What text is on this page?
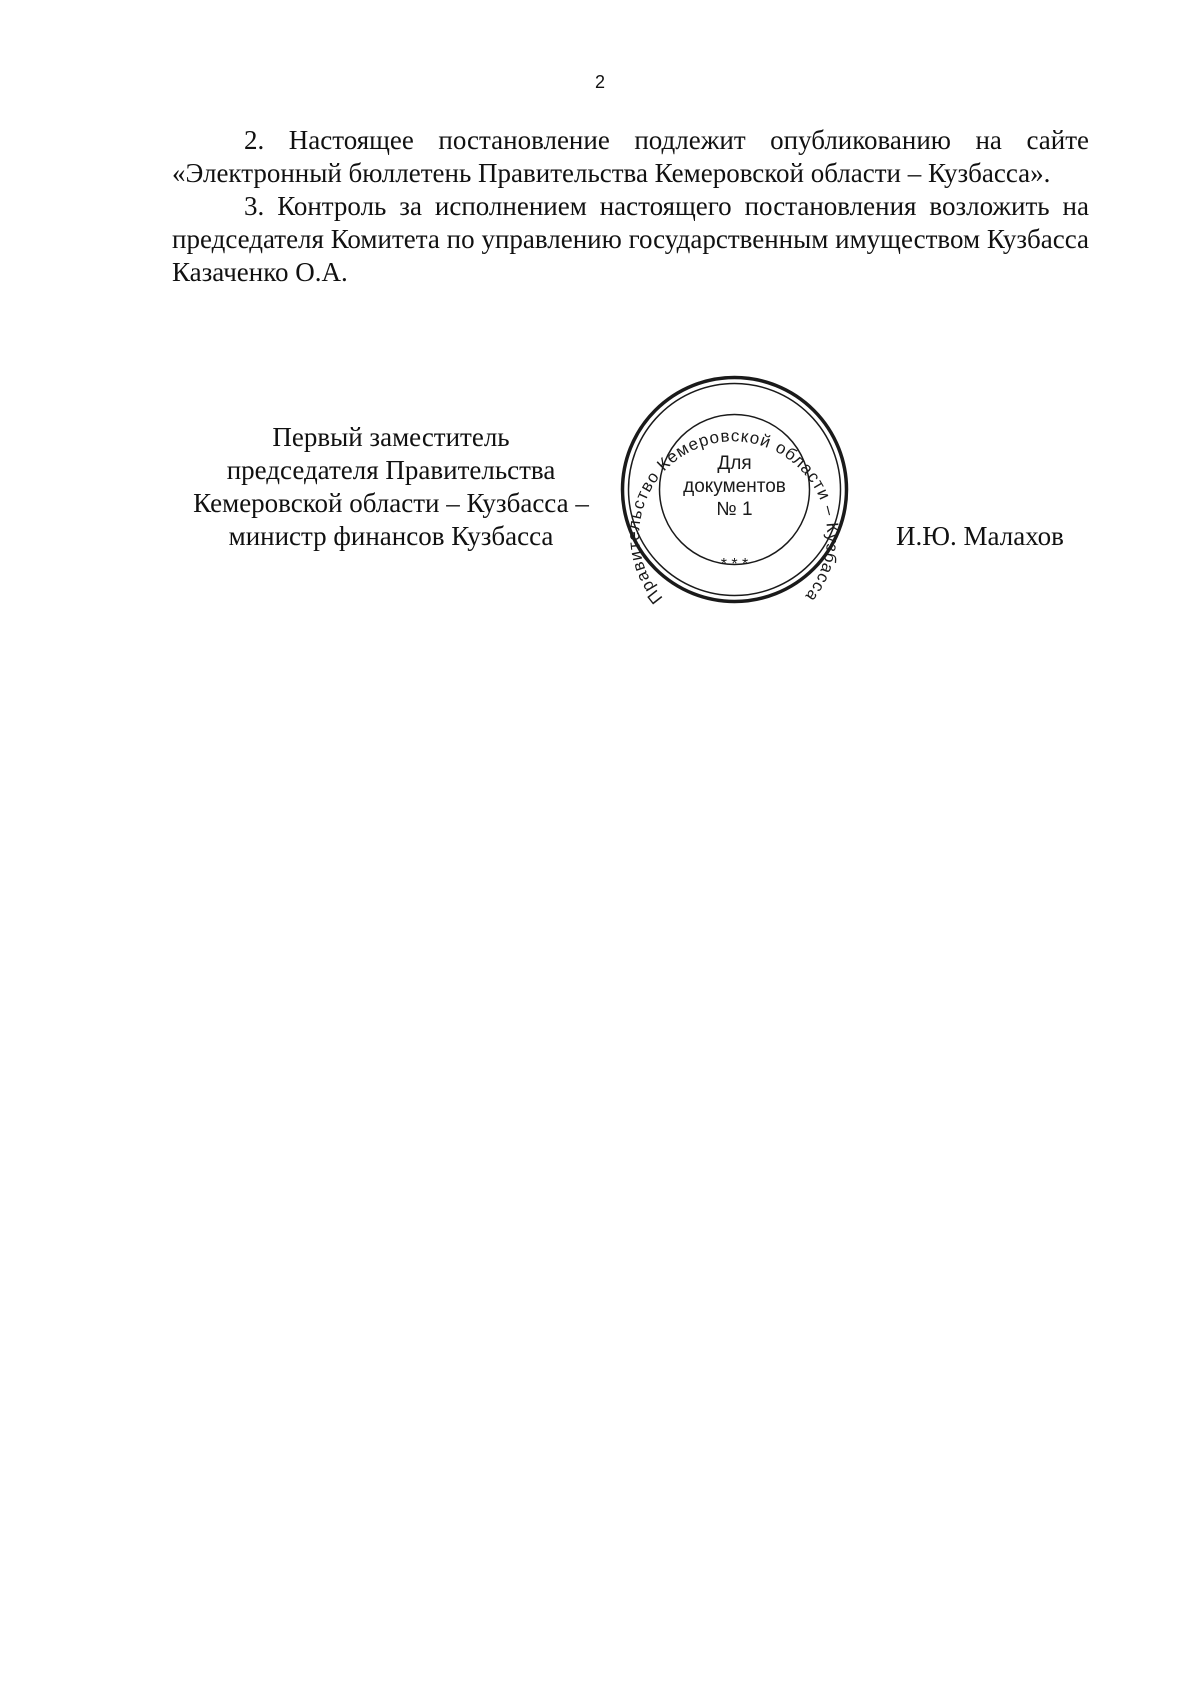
2

2. Настоящее постановление подлежит опубликованию на сайте «Электронный бюллетень Правительства Кемеровской области – Кузбасса».

3. Контроль за исполнением настоящего постановления возложить на председателя Комитета по управлению государственным имуществом Кузбасса Казаченко О.А.

Первый заместитель
председателя Правительства
Кемеровской области – Кузбасса –
министр финансов Кузбасса
Правительство Кемеровской области – Кузбасса
* * *
Для
документов
№ 1
И.Ю. Малахов
